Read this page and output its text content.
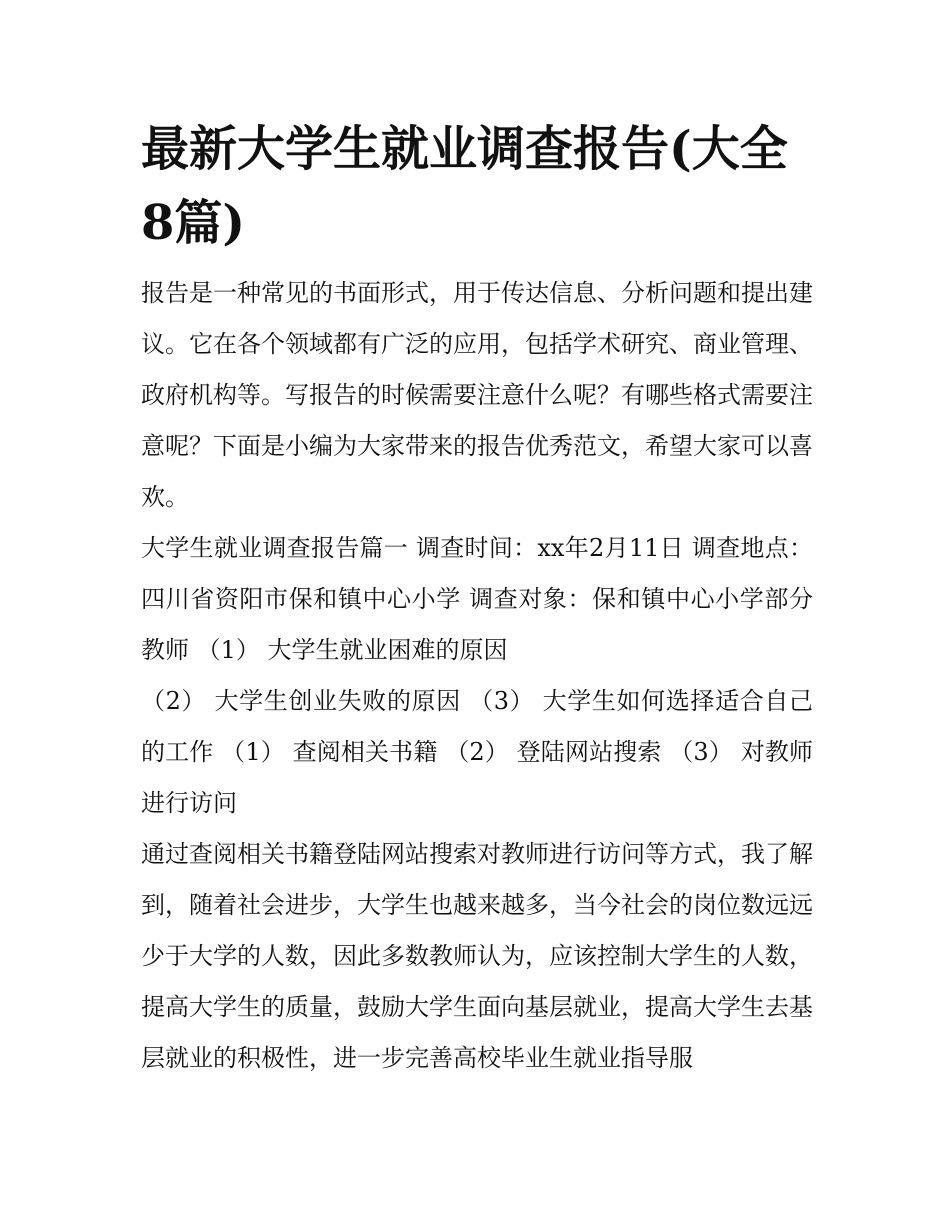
最新大学生就业调查报告(大全8篇)

报告是一种常见的书面形式，用于传达信息、分析问题和提出建议。它在各个领域都有广泛的应用，包括学术研究、商业管理、政府机构等。写报告的时候需要注意什么呢？有哪些格式需要注意呢？下面是小编为大家带来的报告优秀范文，希望大家可以喜欢。

大学生就业调查报告篇一 调查时间：xx年2月11日 调查地点：四川省资阳市保和镇中心小学 调查对象：保和镇中心小学部分教师 （1） 大学生就业困难的原因

（2） 大学生创业失败的原因 （3） 大学生如何选择适合自己的工作 （1） 查阅相关书籍 （2） 登陆网站搜索 （3） 对教师进行访问

通过查阅相关书籍登陆网站搜索对教师进行访问等方式，我了解到，随着社会进步，大学生也越来越多，当今社会的岗位数远远少于大学的人数，因此多数教师认为，应该控制大学生的人数，提高大学生的质量，鼓励大学生面向基层就业，提高大学生去基层就业的积极性，进一步完善高校毕业生就业指导服
